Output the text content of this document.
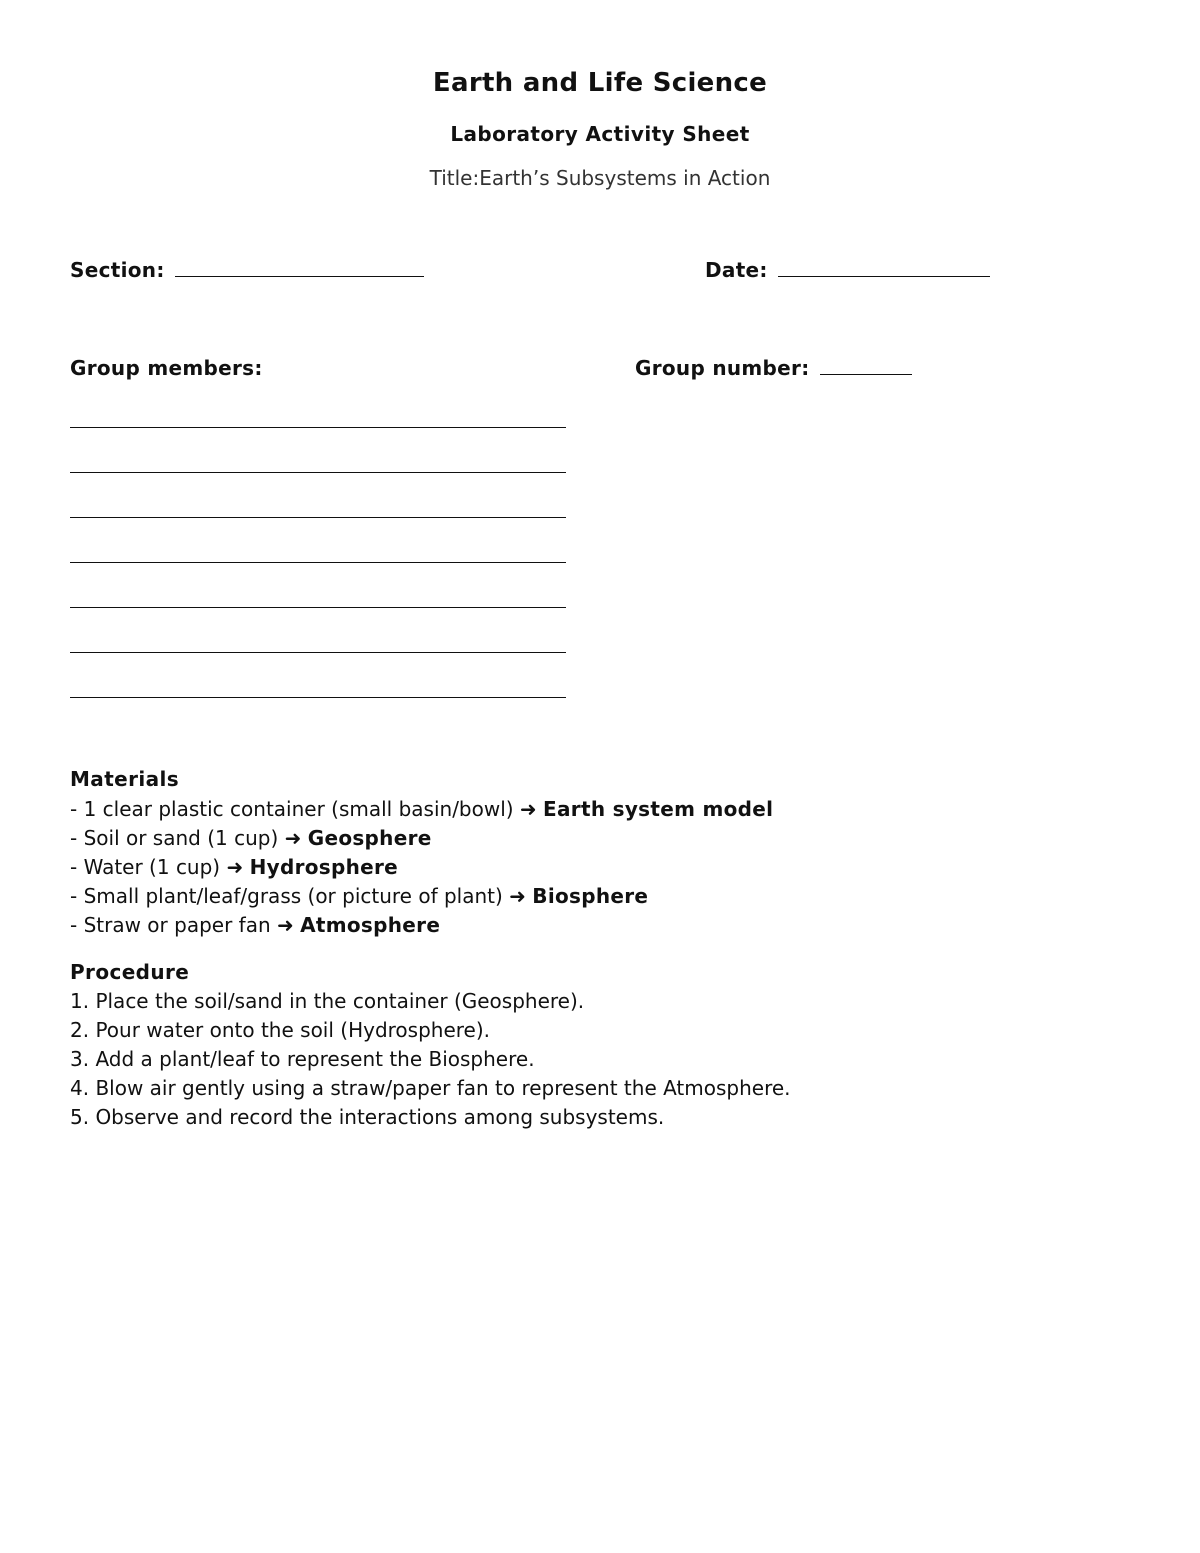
Earth and Life Science
Laboratory Activity Sheet
Title:Earth’s Subsystems in Action
Section:	Date:
Group members:	Group number:
Materials
- 1 clear plastic container (small basin/bowl) ➜ Earth system model
- Soil or sand (1 cup) ➜ Geosphere
- Water (1 cup) ➜ Hydrosphere
- Small plant/leaf/grass (or picture of plant) ➜ Biosphere
- Straw or paper fan ➜ Atmosphere
Procedure
1. Place the soil/sand in the container (Geosphere).
2. Pour water onto the soil (Hydrosphere).
3. Add a plant/leaf to represent the Biosphere.
4. Blow air gently using a straw/paper fan to represent the Atmosphere.
5. Observe and record the interactions among subsystems.
